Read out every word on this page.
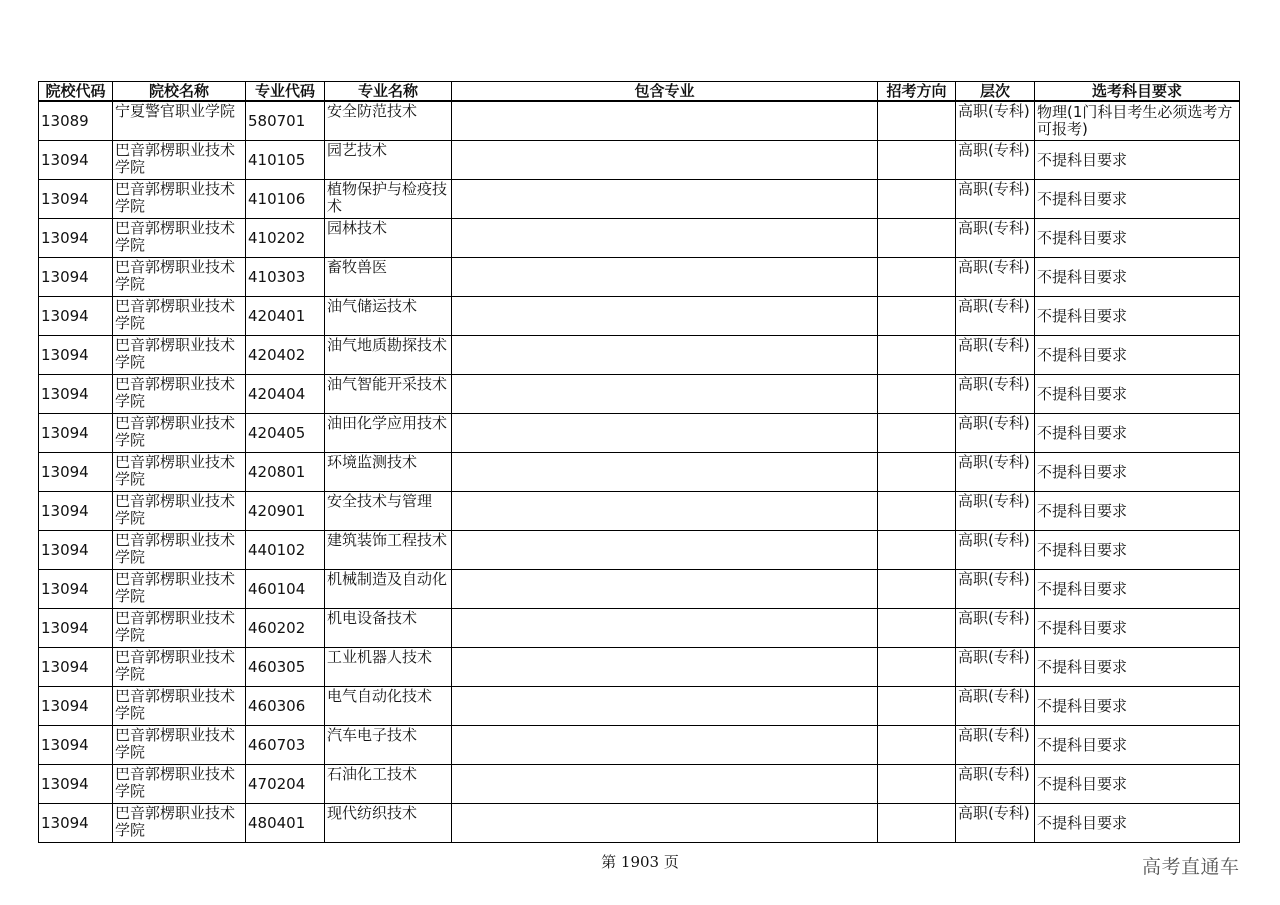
院校代码	院校名称	专业代码	专业名称	包含专业	招考方向	层次	选考科目要求
13089	宁夏警官职业学院	580701	安全防范技术			高职(专科)	物理(1门科目考生必须选考方可报考)
13094	巴音郭楞职业技术学院	410105	园艺技术			高职(专科)	不提科目要求
13094	巴音郭楞职业技术学院	410106	植物保护与检疫技术			高职(专科)	不提科目要求
13094	巴音郭楞职业技术学院	410202	园林技术			高职(专科)	不提科目要求
13094	巴音郭楞职业技术学院	410303	畜牧兽医			高职(专科)	不提科目要求
13094	巴音郭楞职业技术学院	420401	油气储运技术			高职(专科)	不提科目要求
13094	巴音郭楞职业技术学院	420402	油气地质勘探技术			高职(专科)	不提科目要求
13094	巴音郭楞职业技术学院	420404	油气智能开采技术			高职(专科)	不提科目要求
13094	巴音郭楞职业技术学院	420405	油田化学应用技术			高职(专科)	不提科目要求
13094	巴音郭楞职业技术学院	420801	环境监测技术			高职(专科)	不提科目要求
13094	巴音郭楞职业技术学院	420901	安全技术与管理			高职(专科)	不提科目要求
13094	巴音郭楞职业技术学院	440102	建筑装饰工程技术			高职(专科)	不提科目要求
13094	巴音郭楞职业技术学院	460104	机械制造及自动化			高职(专科)	不提科目要求
13094	巴音郭楞职业技术学院	460202	机电设备技术			高职(专科)	不提科目要求
13094	巴音郭楞职业技术学院	460305	工业机器人技术			高职(专科)	不提科目要求
13094	巴音郭楞职业技术学院	460306	电气自动化技术			高职(专科)	不提科目要求
13094	巴音郭楞职业技术学院	460703	汽车电子技术			高职(专科)	不提科目要求
13094	巴音郭楞职业技术学院	470204	石油化工技术			高职(专科)	不提科目要求
13094	巴音郭楞职业技术学院	480401	现代纺织技术			高职(专科)	不提科目要求
第 1903 页	高考直通车
